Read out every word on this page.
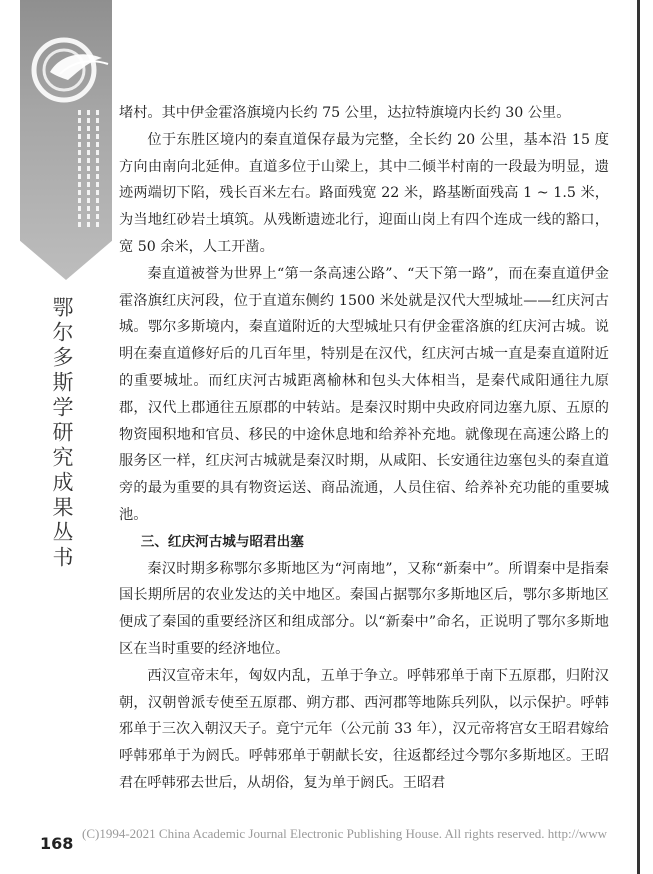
鄂尔多斯学研究成果丛书

堵村。其中伊金霍洛旗境内长约 75 公里，达拉特旗境内长约 30 公里。

位于东胜区境内的秦直道保存最为完整，全长约 20 公里，基本沿 15 度方向由南向北延伸。直道多位于山梁上，其中二倾半村南的一段最为明显，遗迹两端切下陷，残长百米左右。路面残宽 22 米，路基断面残高 1 ~ 1.5 米，为当地红砂岩土填筑。从残断遗迹北行，迎面山岗上有四个连成一线的豁口，宽 50 余米，人工开凿。

秦直道被誉为世界上“第一条高速公路”、“天下第一路”，而在秦直道伊金霍洛旗红庆河段，位于直道东侧约 1500 米处就是汉代大型城址——红庆河古城。鄂尔多斯境内，秦直道附近的大型城址只有伊金霍洛旗的红庆河古城。说明在秦直道修好后的几百年里，特别是在汉代，红庆河古城一直是秦直道附近的重要城址。而红庆河古城距离榆林和包头大体相当，是秦代咸阳通往九原郡，汉代上郡通往五原郡的中转站。是秦汉时期中央政府同边塞九原、五原的物资囤积地和官员、移民的中途休息地和给养补充地。就像现在高速公路上的服务区一样，红庆河古城就是秦汉时期，从咸阳、长安通往边塞包头的秦直道旁的最为重要的具有物资运送、商品流通，人员住宿、给养补充功能的重要城池。

三、红庆河古城与昭君出塞

秦汉时期多称鄂尔多斯地区为“河南地”，又称“新秦中”。所谓秦中是指秦国长期所居的农业发达的关中地区。秦国占据鄂尔多斯地区后，鄂尔多斯地区便成了秦国的重要经济区和组成部分。以“新秦中”命名，正说明了鄂尔多斯地区在当时重要的经济地位。

西汉宣帝末年，匈奴内乱，五单于争立。呼韩邪单于南下五原郡，归附汉朝，汉朝曾派专使至五原郡、朔方郡、西河郡等地陈兵列队，以示保护。呼韩邪单于三次入朝汉天子。竟宁元年（公元前 33 年），汉元帝将宫女王昭君嫁给呼韩邪单于为阏氏。呼韩邪单于朝献长安，往返都经过今鄂尔多斯地区。王昭君在呼韩邪去世后，从胡俗，复为单于阏氏。王昭君

(C)1994-2021 China Academic Journal Electronic Publishing House. All rights reserved. http://www
168
